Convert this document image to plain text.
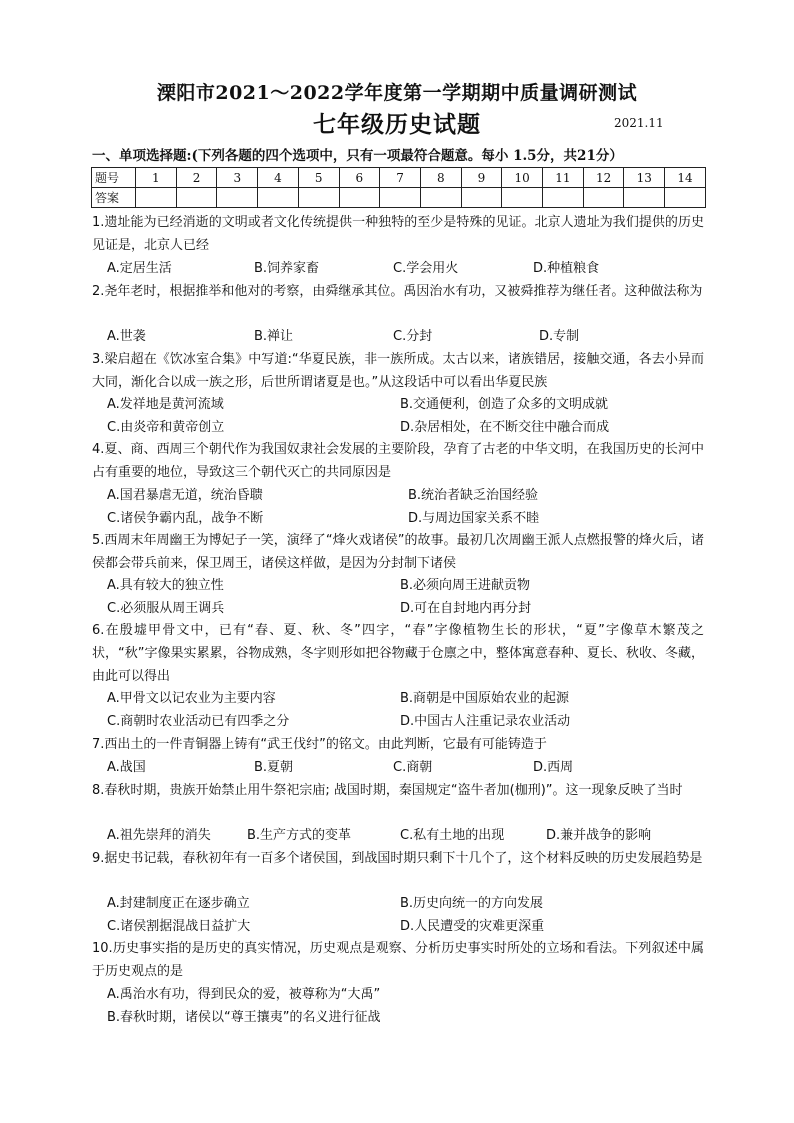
溧阳市2021～2022学年度第一学期期中质量调研测试
七年级历史试题	2021.11
一、单项选择题:(下列各题的四个选项中，只有一项最符合题意。每小 1.5分，共21分）
题号	1	2	3	4	5	6	7	8	9	10	11	12	13	14
答案														
1.遗址能为已经消逝的文明或者文化传统提供一种独特的至少是特殊的见证。北京人遗址为我们提供的历史见证是，北京人已经
A.定居生活	B.饲养家畜	C.学会用火	D.种植粮食
2.尧年老时，根据推举和他对的考察，由舜继承其位。禹因治水有功，又被舜推荐为继任者。这种做法称为
A.世袭	B.禅让	C.分封	D.专制
3.梁启超在《饮冰室合集》中写道:“华夏民族，非一族所成。太古以来，诸族错居，接触交通，各去小异而大同，渐化合以成一族之形，后世所谓诸夏是也。”从这段话中可以看出华夏民族
A.发祥地是黄河流域	B.交通便利，创造了众多的文明成就
C.由炎帝和黄帝创立	D.杂居相处，在不断交往中融合而成
4.夏、商、西周三个朝代作为我国奴隶社会发展的主要阶段，孕育了古老的中华文明，在我国历史的长河中占有重要的地位，导致这三个朝代灭亡的共同原因是
A.国君暴虐无道，统治昏聩	B.统治者缺乏治国经验
C.诸侯争霸内乱，战争不断	D.与周边国家关系不睦
5.西周末年周幽王为博妃子一笑，演绎了“烽火戏诸侯”的故事。最初几次周幽王派人点燃报警的烽火后，诸侯都会带兵前来，保卫周王，诸侯这样做，是因为分封制下诸侯
A.具有较大的独立性	B.必须向周王进献贡物
C.必须服从周王调兵	D.可在自封地内再分封
6.在殷墟甲骨文中，已有“春、夏、秋、冬”四字，“春”字像植物生长的形状，“夏”字像草木繁茂之状，“秋”字像果实累累，谷物成熟，冬字则形如把谷物藏于仓廪之中，整体寓意春种、夏长、秋收、冬藏，由此可以得出
A.甲骨文以记农业为主要内容	B.商朝是中国原始农业的起源
C.商朝时农业活动已有四季之分	D.中国古人注重记录农业活动
7.西出土的一件青铜器上铸有“武王伐纣”的铭文。由此判断，它最有可能铸造于
A.战国	B.夏朝	C.商朝	D.西周
8.春秋时期，贵族开始禁止用牛祭祀宗庙; 战国时期，秦国规定“盗牛者加(枷刑)”。这一现象反映了当时
A.祖先崇拜的消失	B.生产方式的变革	C.私有土地的出现	D.兼并战争的影响
9.据史书记载，春秋初年有一百多个诸侯国，到战国时期只剩下十几个了，这个材料反映的历史发展趋势是
A.封建制度正在逐步确立	B.历史向统一的方向发展
C.诸侯割据混战日益扩大	D.人民遭受的灾难更深重
10.历史事实指的是历史的真实情况，历史观点是观察、分析历史事实时所处的立场和看法。下列叙述中属于历史观点的是
A.禹治水有功，得到民众的爱，被尊称为“大禹”
B.春秋时期，诸侯以“尊王攘夷”的名义进行征战
